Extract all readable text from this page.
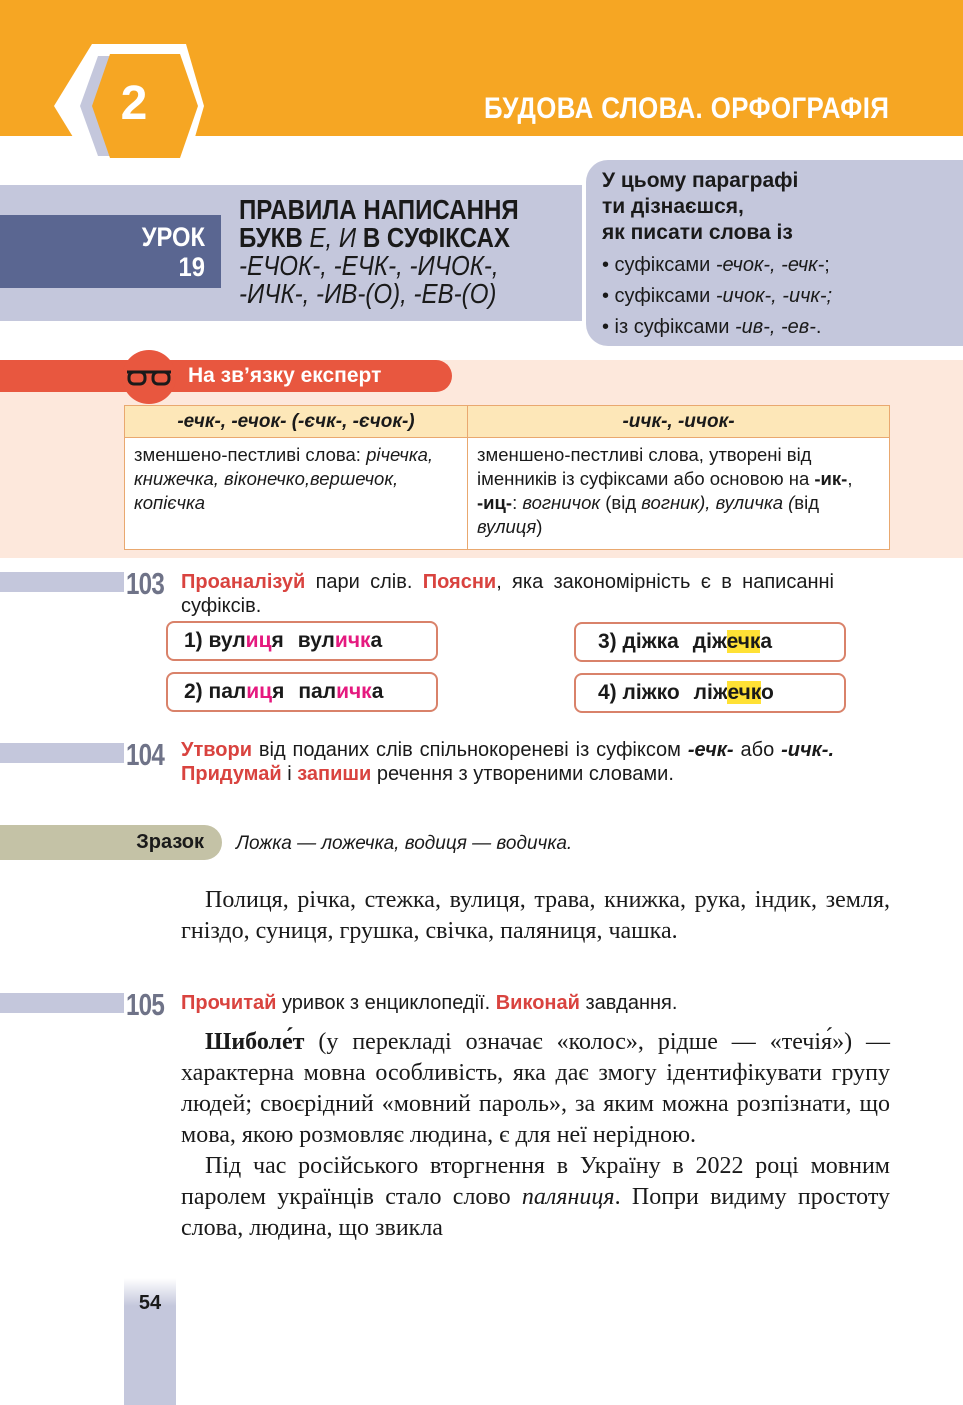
2	БУДОВА СЛОВА. ОРФОГРАФІЯ
УРОК
19
ПРАВИЛА НАПИСАННЯ
БУКВ Е, И В СУФІКСАХ
-ЕЧОК-, -ЕЧК-, -ИЧОК-,
-ИЧК-, -ИВ-(О), -ЕВ-(О)
У цьому параграфі
ти дізнаєшся,
як писати слова із
• суфіксами -ечок-, -ечк-;
• суфіксами -ичок-, -ичк-;
• із суфіксами -ив-, -ев-.
На зв’язку експерт
-ечк-, -ечок- (-єчк-, -єчок-)	-ичк-, -ичок-
зменшено-пестливі слова: річечка, книжечка, віконечко,вершечок, копієчка	зменшено-пестливі слова, утворені від іменників із суфіксами або основою на -ик-, -иц-: вогничок (від вогник), вуличка (від вулиця)
103 Проаналізуй пари слів. Поясни, яка закономірність є в написанні суфіксів.
1) вулиця вуличка
2) палиця паличка
3) діжка діжечка
4) ліжко ліжечко
104 Утвори від поданих слів спільнокореневі із суфіксом -ечк- або -ичк-. Придумай і запиши речення з утвореними словами.
Зразок	Ложка — ложечка, водиця — водичка.

Полиця, річка, стежка, вулиця, трава, книжка, рука, індик, земля, гніздо, суниця, грушка, свічка, паляниця, чашка.

105 Прочитай уривок з енциклопедії. Виконай завдання.

Шиболе́т (у перекладі означає «колос», рідше — «течія́») — характерна мовна особливість, яка дає змогу ідентифікувати групу людей; своєрідний «мовний пароль», за яким можна розпізнати, що мова, якою розмовляє людина, є для неї нерідною.

Під час російського вторгнення в Україну в 2022 році мовним паролем українців стало слово паляниця. Попри видиму простоту слова, людина, що звикла

54
